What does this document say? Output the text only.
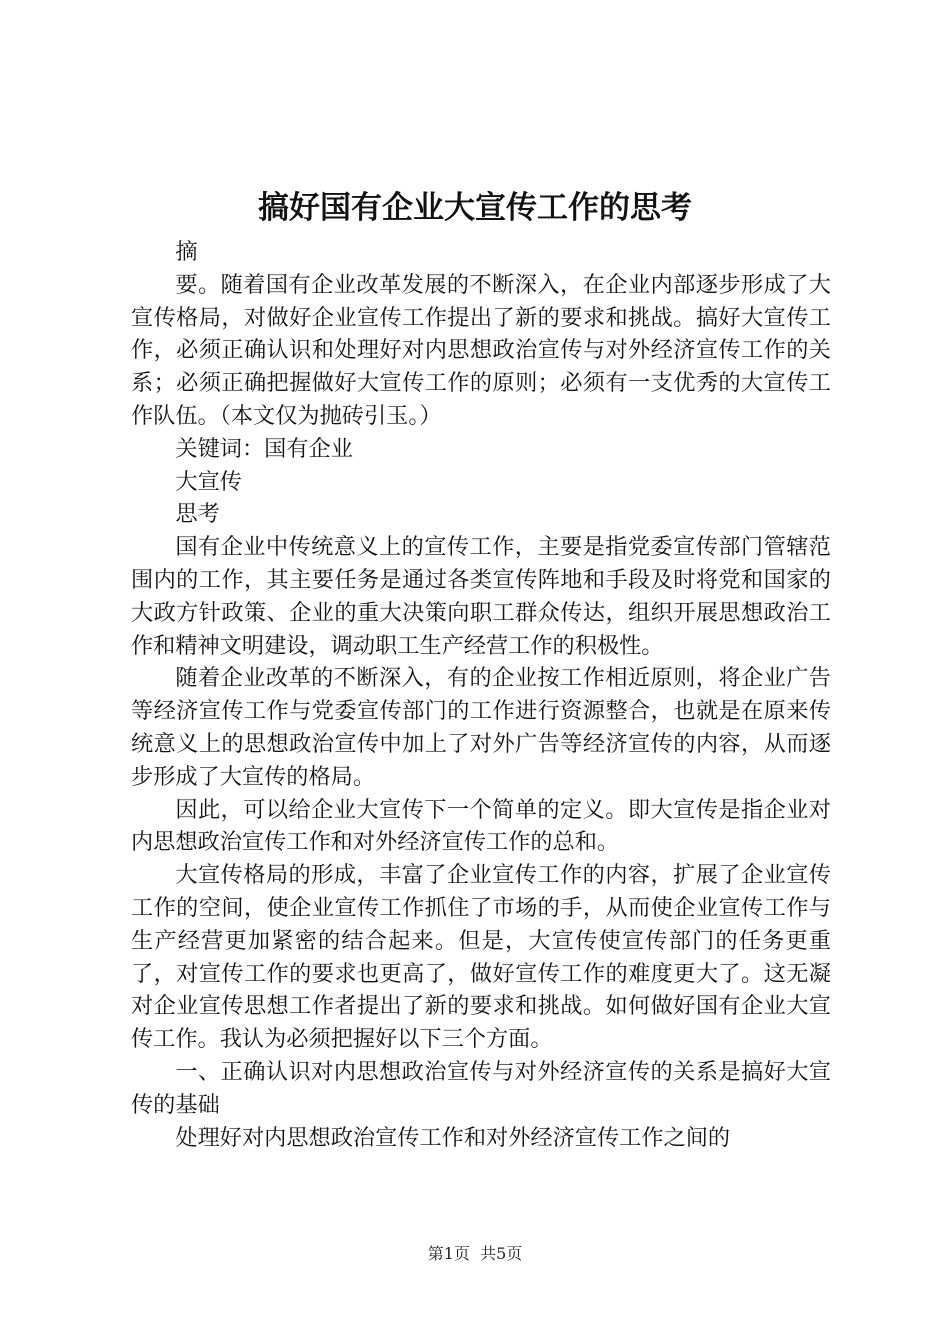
搞好国有企业大宣传工作的思考

摘

要。随着国有企业改革发展的不断深入，在企业内部逐步形成了大宣传格局，对做好企业宣传工作提出了新的要求和挑战。搞好大宣传工作，必须正确认识和处理好对内思想政治宣传与对外经济宣传工作的关系；必须正确把握做好大宣传工作的原则；必须有一支优秀的大宣传工作队伍。（本文仅为抛砖引玉。）

关键词：国有企业

大宣传

思考

国有企业中传统意义上的宣传工作，主要是指党委宣传部门管辖范围内的工作，其主要任务是通过各类宣传阵地和手段及时将党和国家的大政方针政策、企业的重大决策向职工群众传达，组织开展思想政治工作和精神文明建设，调动职工生产经营工作的积极性。

随着企业改革的不断深入，有的企业按工作相近原则，将企业广告等经济宣传工作与党委宣传部门的工作进行资源整合，也就是在原来传统意义上的思想政治宣传中加上了对外广告等经济宣传的内容，从而逐步形成了大宣传的格局。

因此，可以给企业大宣传下一个简单的定义。即大宣传是指企业对内思想政治宣传工作和对外经济宣传工作的总和。

大宣传格局的形成，丰富了企业宣传工作的内容，扩展了企业宣传工作的空间，使企业宣传工作抓住了市场的手，从而使企业宣传工作与生产经营更加紧密的结合起来。但是，大宣传使宣传部门的任务更重了，对宣传工作的要求也更高了，做好宣传工作的难度更大了。这无凝对企业宣传思想工作者提出了新的要求和挑战。如何做好国有企业大宣传工作。我认为必须把握好以下三个方面。

一、正确认识对内思想政治宣传与对外经济宣传的关系是搞好大宣传的基础

处理好对内思想政治宣传工作和对外经济宣传工作之间的

第1页 共5页
